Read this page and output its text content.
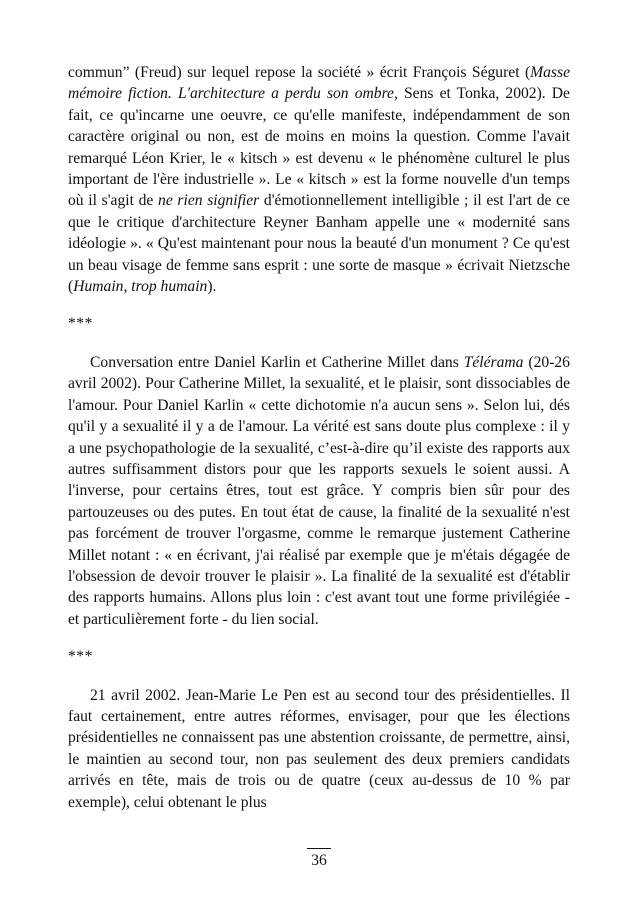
commun” (Freud) sur lequel repose la société » écrit François Séguret (Masse mémoire fiction. L'architecture a perdu son ombre, Sens et Tonka, 2002). De fait, ce qu'incarne une oeuvre, ce qu'elle manifeste, indépendamment de son caractère original ou non, est de moins en moins la question. Comme l'avait remarqué Léon Krier, le « kitsch » est devenu « le phénomène culturel le plus important de l'ère industrielle ». Le « kitsch » est la forme nouvelle d'un temps où il s'agit de ne rien signifier d'émotionnellement intelligible ; il est l'art de ce que le critique d'architecture Reyner Banham appelle une « modernité sans idéologie ». « Qu'est maintenant pour nous la beauté d'un monument ? Ce qu'est un beau visage de femme sans esprit : une sorte de masque » écrivait Nietzsche (Humain, trop humain).

***

Conversation entre Daniel Karlin et Catherine Millet dans Télérama (20-26 avril 2002). Pour Catherine Millet, la sexualité, et le plaisir, sont dissociables de l'amour. Pour Daniel Karlin « cette dichotomie n'a aucun sens ». Selon lui, dés qu'il y a sexualité il y a de l'amour. La vérité est sans doute plus complexe : il y a une psychopathologie de la sexualité, c’est-à-dire qu’il existe des rapports aux autres suffisamment distors pour que les rapports sexuels le soient aussi. A l'inverse, pour certains êtres, tout est grâce. Y compris bien sûr pour des partouzeuses ou des putes. En tout état de cause, la finalité de la sexualité n'est pas forcément de trouver l'orgasme, comme le remarque justement Catherine Millet notant : « en écrivant, j'ai réalisé par exemple que je m'étais dégagée de l'obsession de devoir trouver le plaisir ». La finalité de la sexualité est d'établir des rapports humains. Allons plus loin : c'est avant tout une forme privilégiée - et particulièrement forte - du lien social.

***

21 avril 2002. Jean-Marie Le Pen est au second tour des présidentielles. Il faut certainement, entre autres réformes, envisager, pour que les élections présidentielles ne connaissent pas une abstention croissante, de permettre, ainsi, le maintien au second tour, non pas seulement des deux premiers candidats arrivés en tête, mais de trois ou de quatre (ceux au-dessus de 10 % par exemple), celui obtenant le plus

36
